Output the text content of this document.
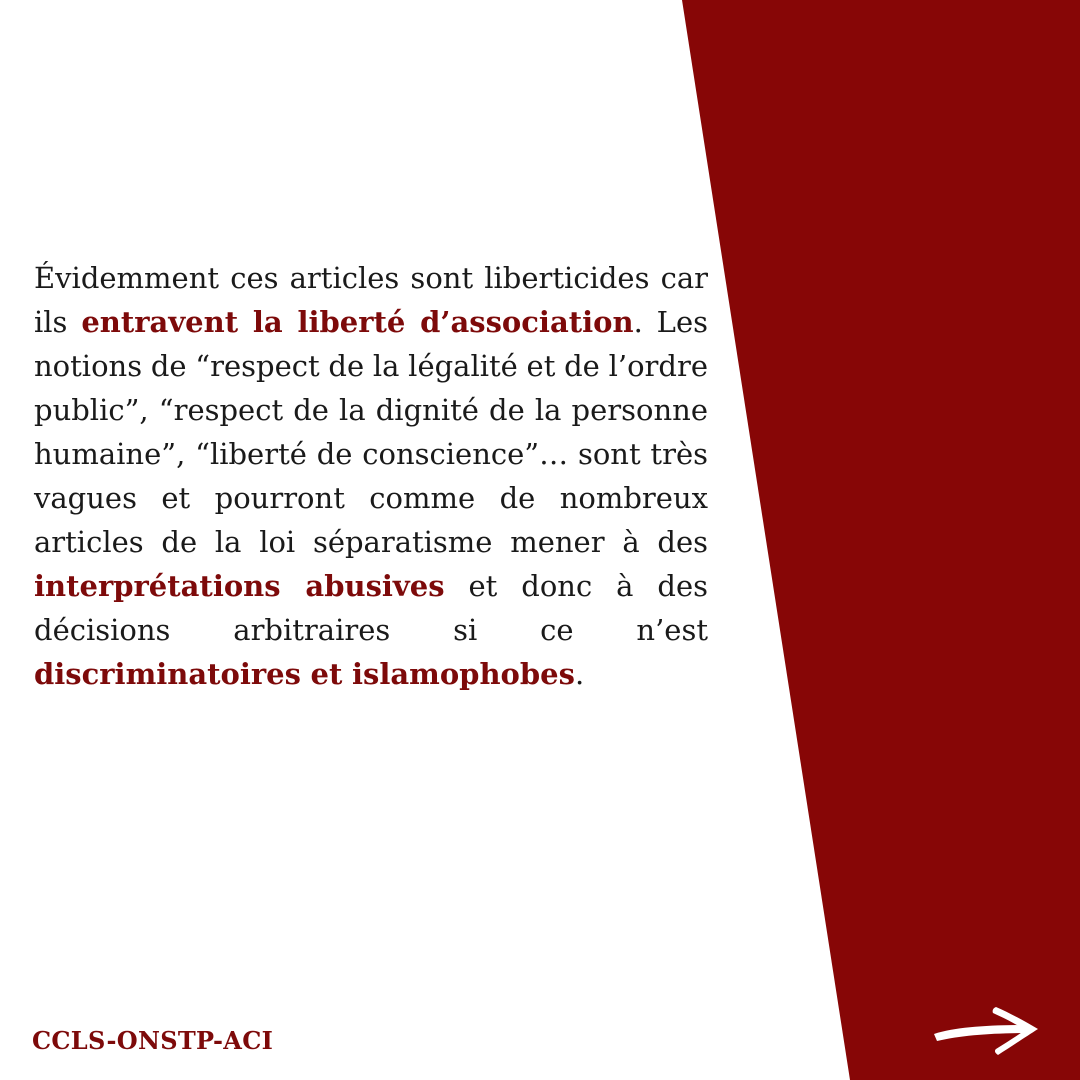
Évidemment ces articles sont liberticides car ils entravent la liberté d’association. Les notions de “respect de la légalité et de l’ordre public”, “respect de la dignité de la personne humaine”, “liberté de conscience”… sont très vagues et pourront comme de nombreux articles de la loi séparatisme mener à des interprétations abusives et donc à des décisions arbitraires si ce n’est discriminatoires et islamophobes.

CCLS-ONSTP-ACI
